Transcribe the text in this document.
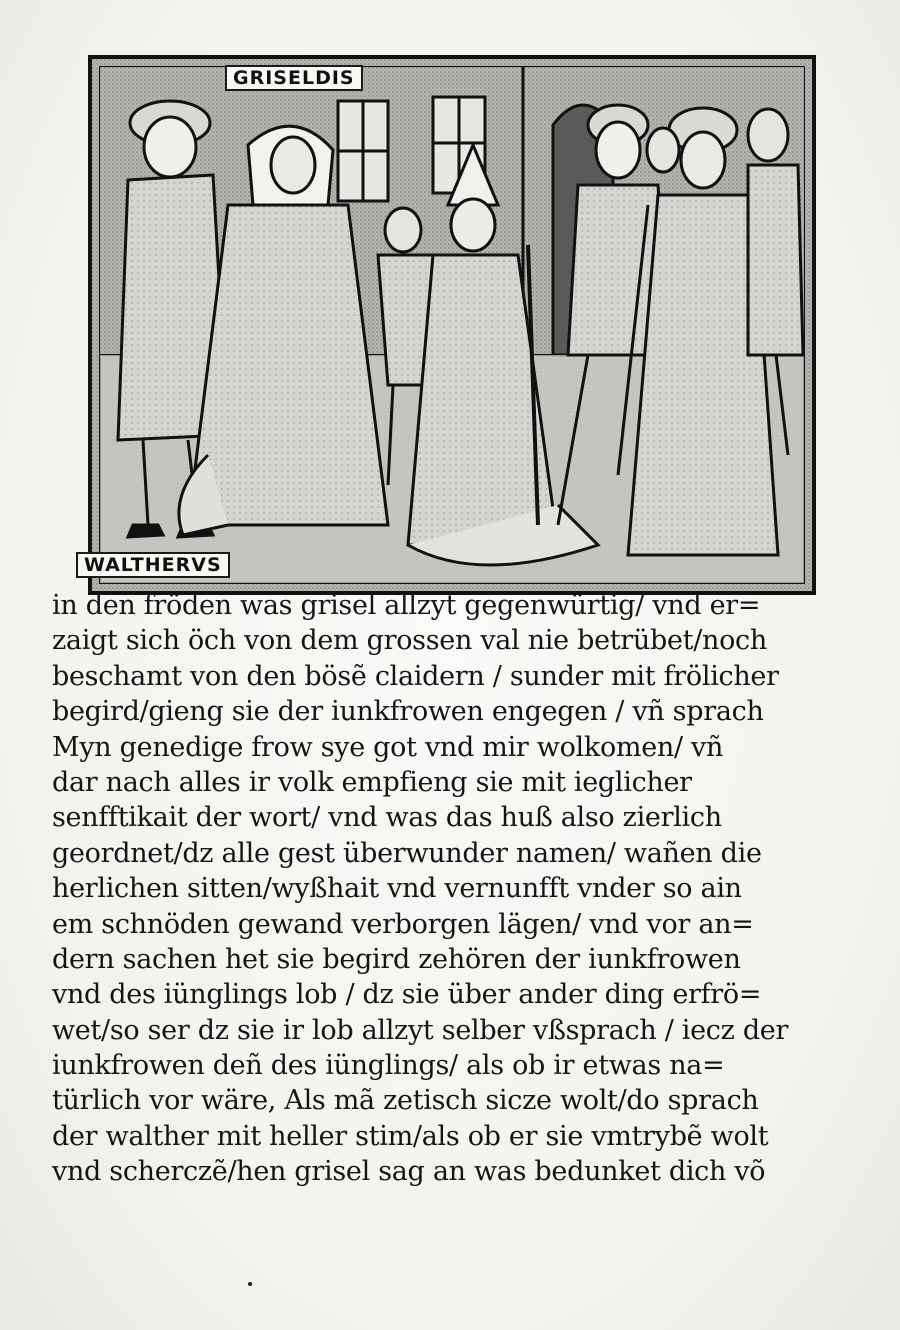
GRISELDIS
WALTHERVS
in den fröden was grisel allzyt gegenwürtig/ vnd er=
zaigt sich öch von dem grossen val nie betrübet/noch
beschamt von den bösẽ claidern / sunder mit frölicher
begird/gieng sie der iunkfrowen engegen / vñ sprach
Myn genedige frow sye got vnd mir wolkomen/ vñ
dar nach alles ir volk empfieng sie mit ieglicher
senfftikait der wort/ vnd was das huß also zierlich
geordnet/dz alle gest überwunder namen/ wañen die
herlichen sitten/wyßhait vnd vernunfft vnder so ain
em schnöden gewand verborgen lägen/ vnd vor an=
dern sachen het sie begird zehören der iunkfrowen
vnd des iünglings lob / dz sie über ander ding erfrö=
wet/so ser dz sie ir lob allzyt selber vßsprach / iecz der
iunkfrowen deñ des iünglings/ als ob ir etwas na=
türlich vor wäre, Als mã zetisch sicze wolt/do sprach
der walther mit heller stim/als ob er sie vmtrybẽ wolt
vnd scherczẽ/hen grisel sag an was bedunket dich võ
